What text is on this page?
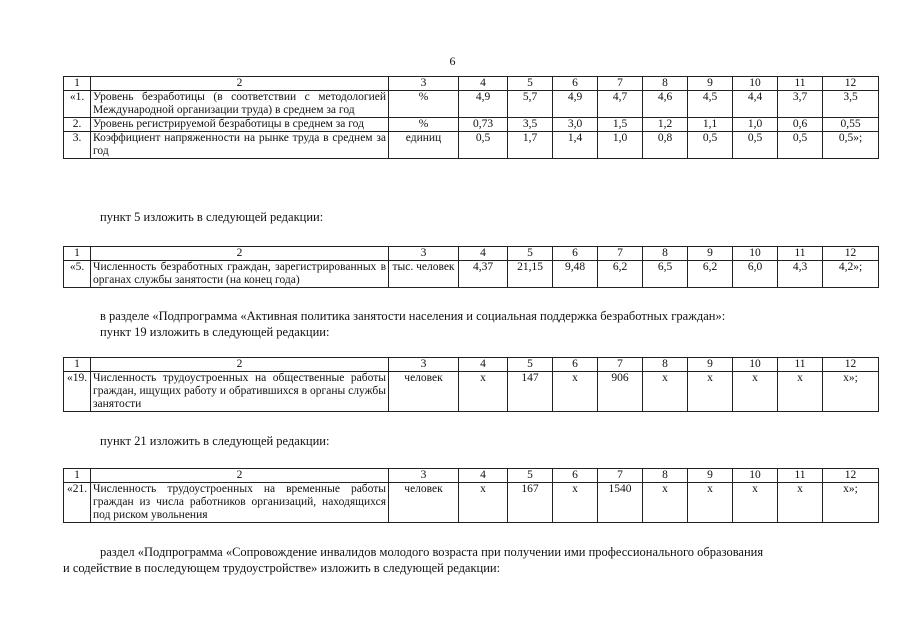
6
1	2	3	4	5	6	7	8	9	10	11	12
«1.	Уровень безработицы (в соответствии с методологией Международной организации труда) в среднем за год	%	4,9	5,7	4,9	4,7	4,6	4,5	4,4	3,7	3,5
2.	Уровень регистрируемой безработицы в среднем за год	%	0,73	3,5	3,0	1,5	1,2	1,1	1,0	0,6	0,55
3.	Коэффициент напряженности на рынке труда в среднем за год	единиц	0,5	1,7	1,4	1,0	0,8	0,5	0,5	0,5	0,5»;
пункт 5 изложить в следующей редакции:
1	2	3	4	5	6	7	8	9	10	11	12
«5.	Численность безработных граждан, зарегистрированных в органах службы занятости (на конец года)	тыс. человек	4,37	21,15	9,48	6,2	6,5	6,2	6,0	4,3	4,2»;
в разделе «Подпрограмма «Активная политика занятости населения и социальная поддержка безработных граждан»:
пункт 19 изложить в следующей редакции:
1	2	3	4	5	6	7	8	9	10	11	12
«19.	Численность трудоустроенных на общественные работы граждан, ищущих работу и обратившихся в органы службы занятости	человек	х	147	х	906	х	х	х	х	х»;
пункт 21 изложить в следующей редакции:
1	2	3	4	5	6	7	8	9	10	11	12
«21.	Численность трудоустроенных на временные работы граждан из числа работников организаций, находящихся под риском увольнения	человек	х	167	х	1540	х	х	х	х	х»;
раздел «Подпрограмма «Сопровождение инвалидов молодого возраста при получении ими профессионального образования
и содействие в последующем трудоустройстве» изложить в следующей редакции:
